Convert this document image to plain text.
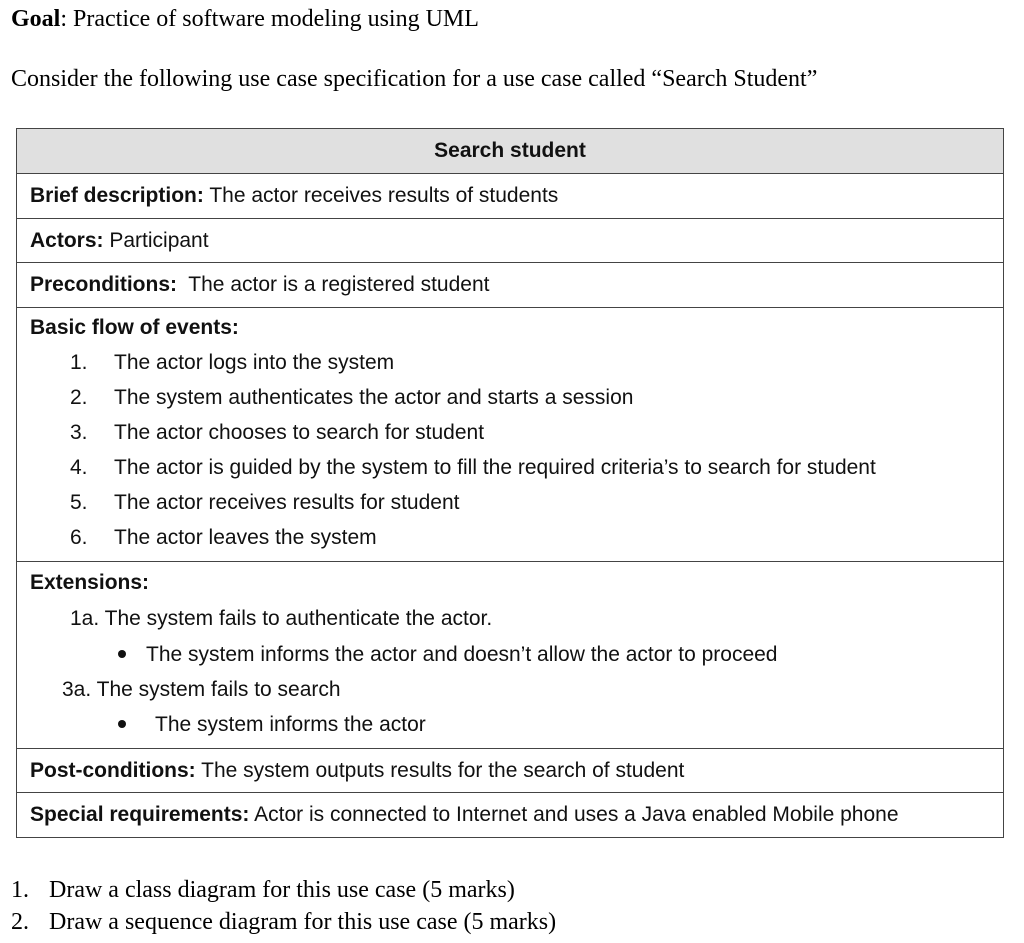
Goal: Practice of software modeling using UML
Consider the following use case specification for a use case called “Search Student”
Search student
Brief description: The actor receives results of students
Actors: Participant
Preconditions:  The actor is a registered student
Basic flow of events:
1.	The actor logs into the system
2.	The system authenticates the actor and starts a session
3.	The actor chooses to search for student
4.	The actor is guided by the system to fill the required criteria’s to search for student
5.	The actor receives results for student
6.	The actor leaves the system
Extensions:
1a. The system fails to authenticate the actor.
The system informs the actor and doesn’t allow the actor to proceed
3a. The system fails to search
The system informs the actor
Post-conditions: The system outputs results for the search of student
Special requirements: Actor is connected to Internet and uses a Java enabled Mobile phone
1. Draw a class diagram for this use case (5 marks)
2. Draw a sequence diagram for this use case (5 marks)
